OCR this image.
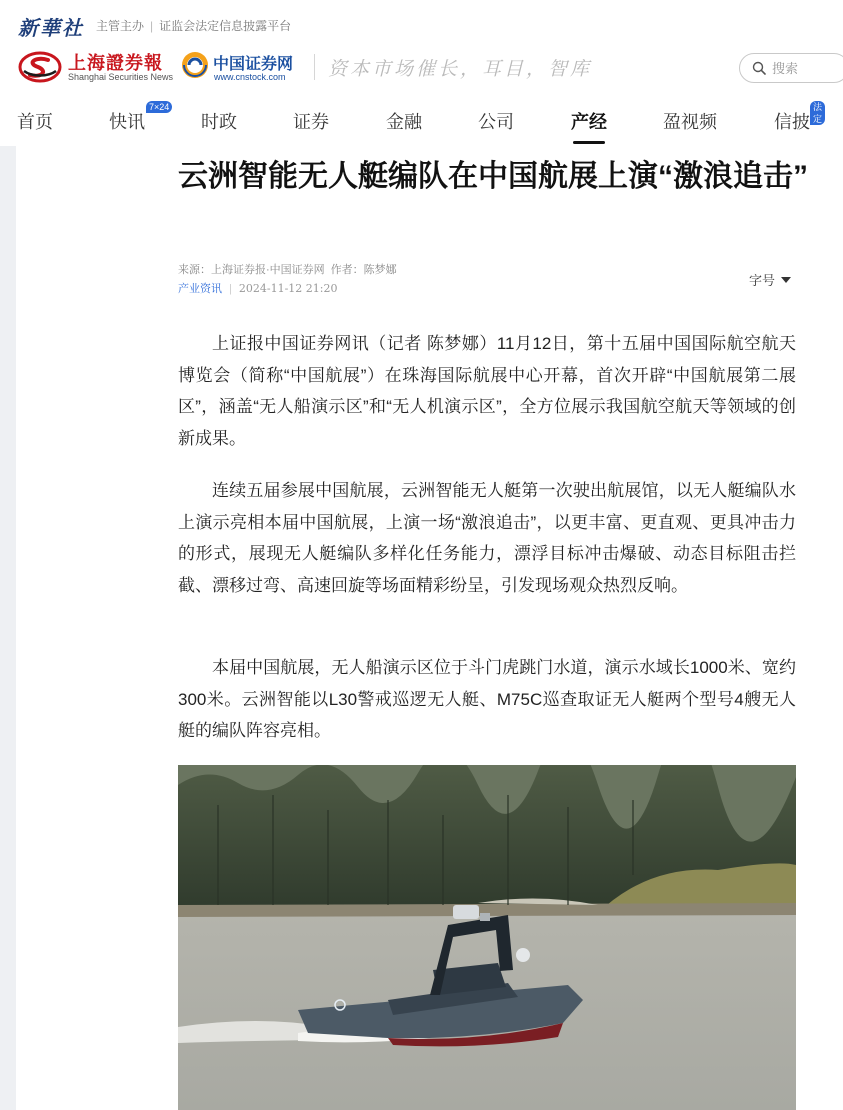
新華社 主管主办 | 证监会法定信息披露平台
上海證券報
Shanghai Securities News
中国证券网
www.cnstock.com 资本市场催长，耳目，智库
搜索
首页	快讯
7×24
时政	证券	金融	公司	产经	盈视频	信披
法定
云洲智能无人艇编队在中国航展上演“激浪追击”
来源：上海证券报·中国证券网 作者：陈梦娜
产业资讯 | 2024-11-12 21:20
字号

上证报中国证券网讯（记者 陈梦娜）11月12日，第十五届中国国际航空航天博览会（简称“中国航展”）在珠海国际航展中心开幕，首次开辟“中国航展第二展区”，涵盖“无人船演示区”和“无人机演示区”，全方位展示我国航空航天等领域的创新成果。

连续五届参展中国航展，云洲智能无人艇第一次驶出航展馆，以无人艇编队水上演示亮相本届中国航展，上演一场“激浪追击”，以更丰富、更直观、更具冲击力的形式，展现无人艇编队多样化任务能力，漂浮目标冲击爆破、动态目标阻击拦截、漂移过弯、高速回旋等场面精彩纷呈，引发现场观众热烈反响。

本届中国航展，无人船演示区位于斗门虎跳门水道，演示水域长1000米、宽约300米。云洲智能以L30警戒巡逻无人艇、M75C巡查取证无人艇两个型号4艘无人艇的编队阵容亮相。
